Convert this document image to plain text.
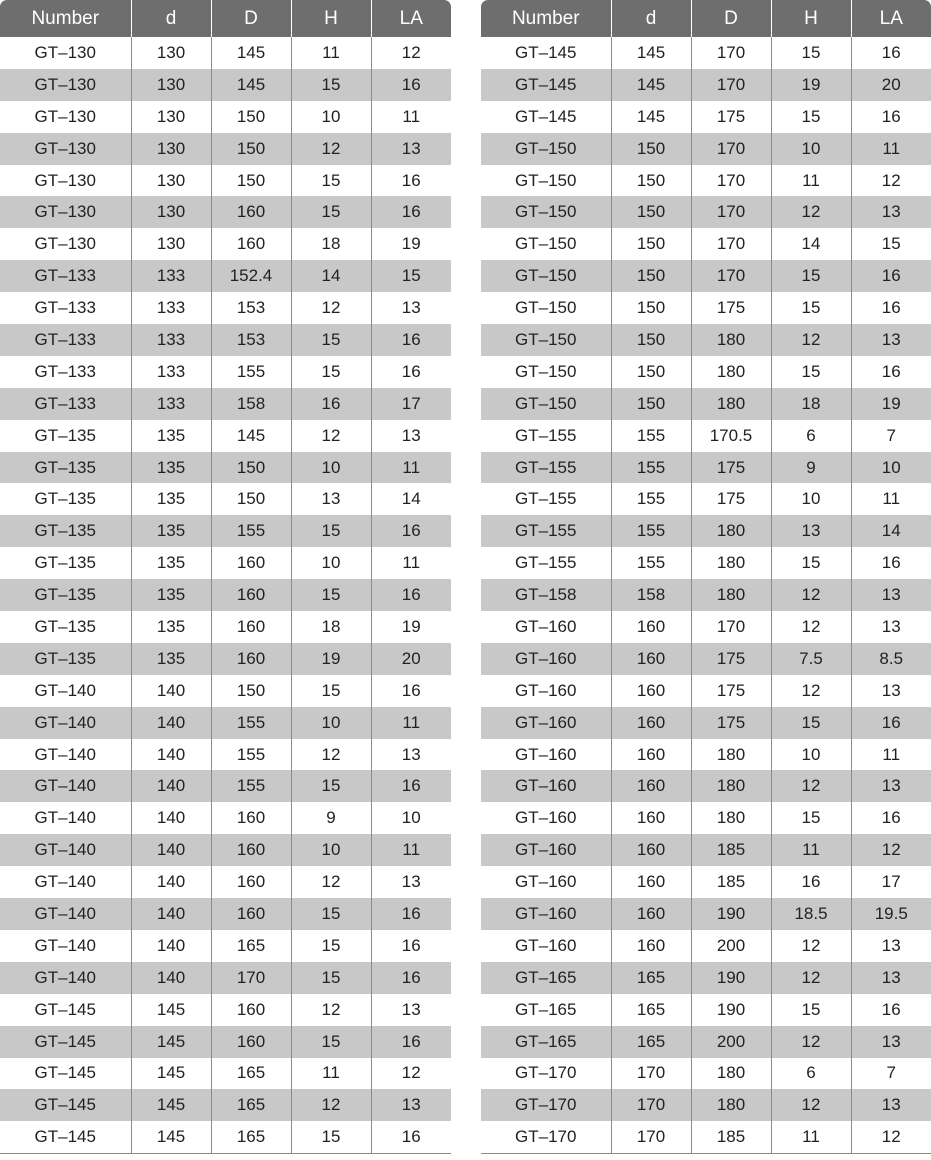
Number	d	D	H	LA
GT–130	130	145	11	12
GT–130	130	145	15	16
GT–130	130	150	10	11
GT–130	130	150	12	13
GT–130	130	150	15	16
GT–130	130	160	15	16
GT–130	130	160	18	19
GT–133	133	152.4	14	15
GT–133	133	153	12	13
GT–133	133	153	15	16
GT–133	133	155	15	16
GT–133	133	158	16	17
GT–135	135	145	12	13
GT–135	135	150	10	11
GT–135	135	150	13	14
GT–135	135	155	15	16
GT–135	135	160	10	11
GT–135	135	160	15	16
GT–135	135	160	18	19
GT–135	135	160	19	20
GT–140	140	150	15	16
GT–140	140	155	10	11
GT–140	140	155	12	13
GT–140	140	155	15	16
GT–140	140	160	9	10
GT–140	140	160	10	11
GT–140	140	160	12	13
GT–140	140	160	15	16
GT–140	140	165	15	16
GT–140	140	170	15	16
GT–145	145	160	12	13
GT–145	145	160	15	16
GT–145	145	165	11	12
GT–145	145	165	12	13
GT–145	145	165	15	16
Number	d	D	H	LA
GT–145	145	170	15	16
GT–145	145	170	19	20
GT–145	145	175	15	16
GT–150	150	170	10	11
GT–150	150	170	11	12
GT–150	150	170	12	13
GT–150	150	170	14	15
GT–150	150	170	15	16
GT–150	150	175	15	16
GT–150	150	180	12	13
GT–150	150	180	15	16
GT–150	150	180	18	19
GT–155	155	170.5	6	7
GT–155	155	175	9	10
GT–155	155	175	10	11
GT–155	155	180	13	14
GT–155	155	180	15	16
GT–158	158	180	12	13
GT–160	160	170	12	13
GT–160	160	175	7.5	8.5
GT–160	160	175	12	13
GT–160	160	175	15	16
GT–160	160	180	10	11
GT–160	160	180	12	13
GT–160	160	180	15	16
GT–160	160	185	11	12
GT–160	160	185	16	17
GT–160	160	190	18.5	19.5
GT–160	160	200	12	13
GT–165	165	190	12	13
GT–165	165	190	15	16
GT–165	165	200	12	13
GT–170	170	180	6	7
GT–170	170	180	12	13
GT–170	170	185	11	12
